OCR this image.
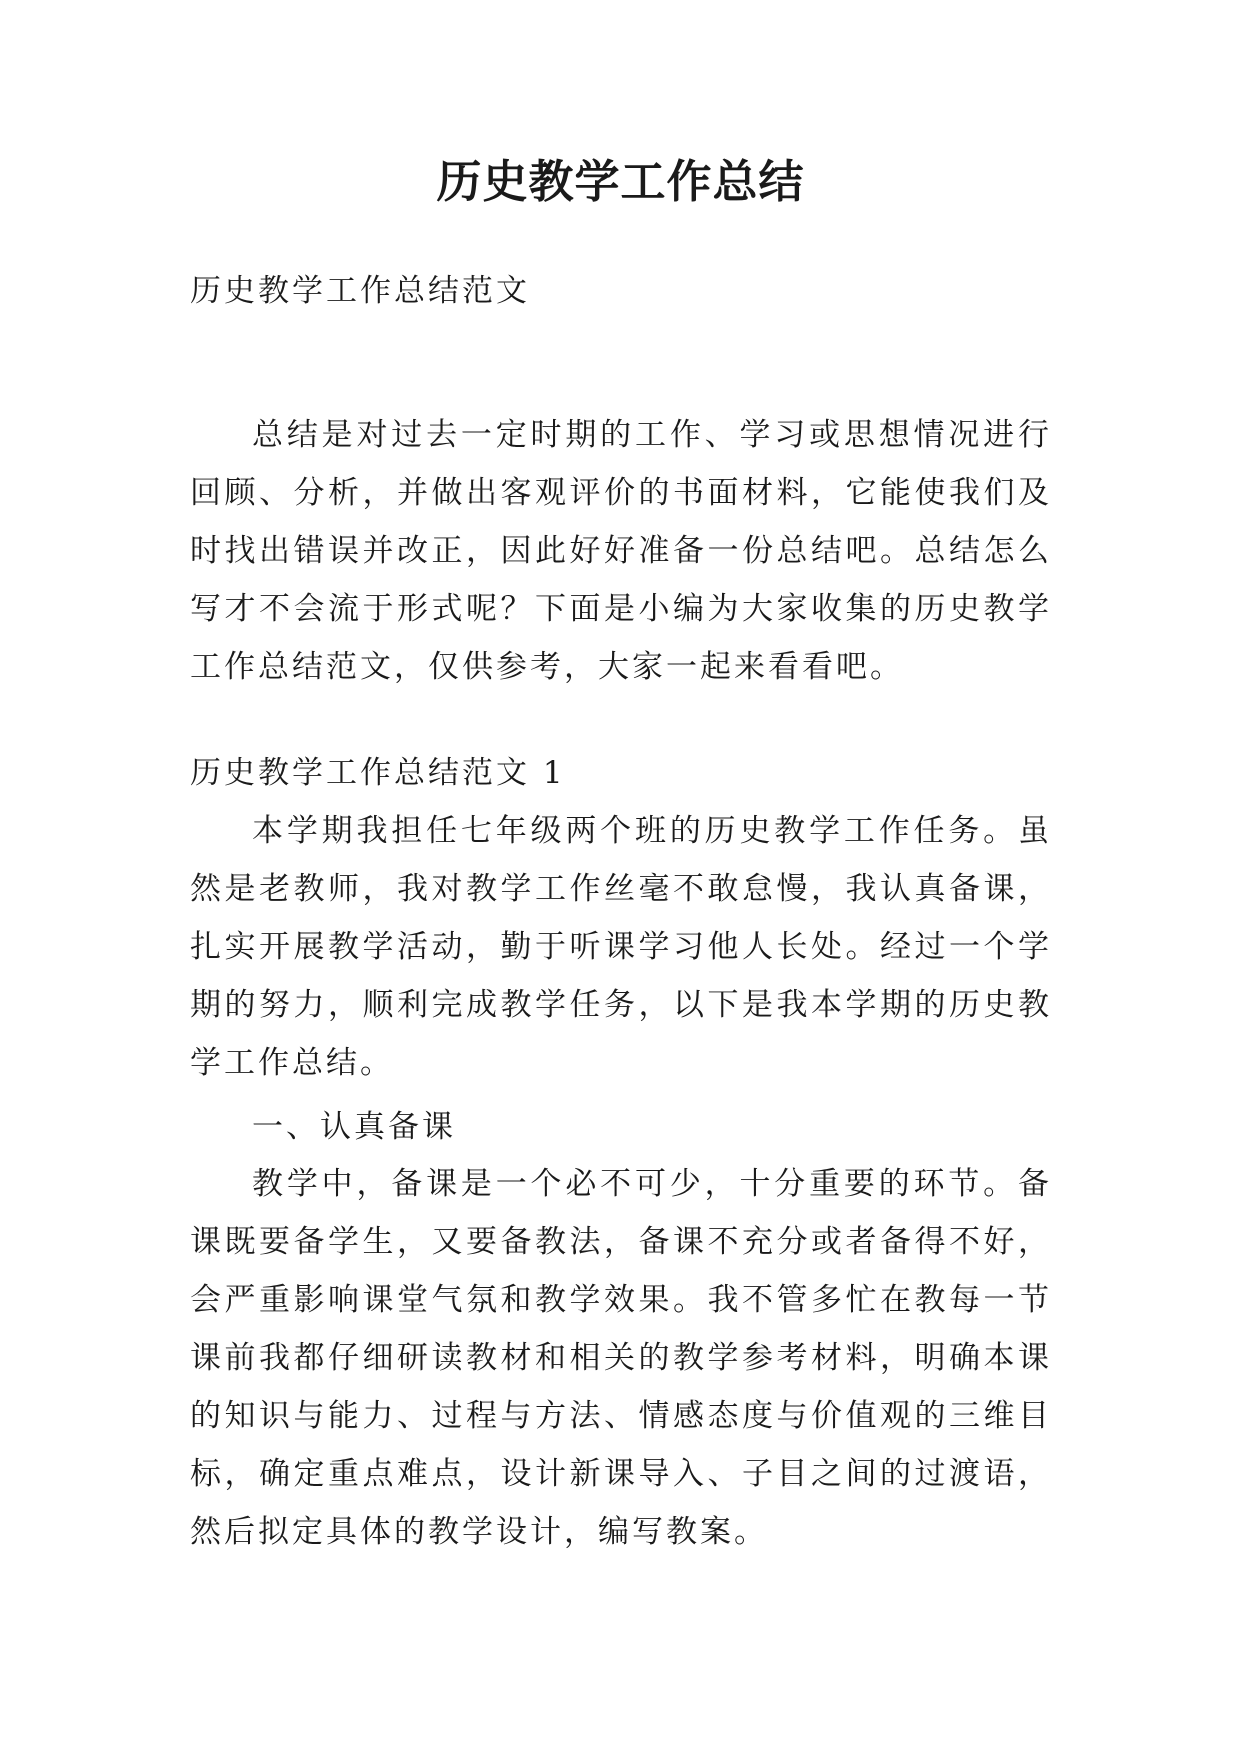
历史教学工作总结

历史教学工作总结范文

总结是对过去一定时期的工作、学习或思想情况进行回顾、分析，并做出客观评价的书面材料，它能使我们及时找出错误并改正，因此好好准备一份总结吧。总结怎么写才不会流于形式呢？下面是小编为大家收集的历史教学工作总结范文，仅供参考，大家一起来看看吧。

历史教学工作总结范文 1

本学期我担任七年级两个班的历史教学工作任务。虽然是老教师，我对教学工作丝毫不敢怠慢，我认真备课，扎实开展教学活动，勤于听课学习他人长处。经过一个学期的努力，顺利完成教学任务，以下是我本学期的历史教学工作总结。

一、认真备课

教学中，备课是一个必不可少，十分重要的环节。备课既要备学生，又要备教法，备课不充分或者备得不好，会严重影响课堂气氛和教学效果。我不管多忙在教每一节课前我都仔细研读教材和相关的教学参考材料，明确本课的知识与能力、过程与方法、情感态度与价值观的三维目标，确定重点难点，设计新课导入、子目之间的过渡语，然后拟定具体的教学设计，编写教案。
